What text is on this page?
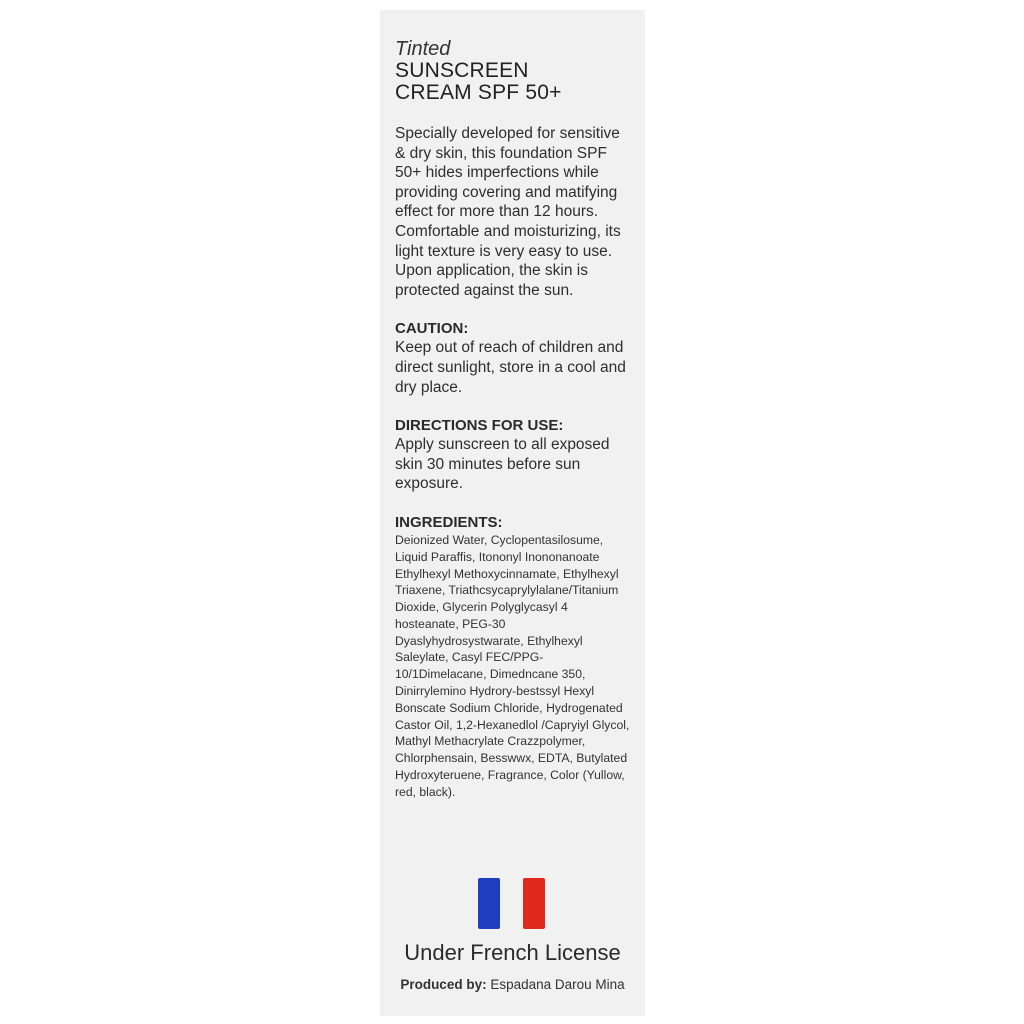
Tinted
SUNSCREEN
CREAM SPF 50+
Specially developed for sensitive & dry skin, this foundation SPF 50+ hides imperfections while providing covering and matifying effect for more than 12 hours. Comfortable and moisturizing, its light texture is very easy to use. Upon application, the skin is protected against the sun.
CAUTION:
Keep out of reach of children and direct sunlight, store in a cool and dry place.
DIRECTIONS FOR USE:
Apply sunscreen to all exposed skin 30 minutes before sun exposure.
INGREDIENTS:
Deionized Water, Cyclopentasilosume, Liquid Paraffis, Itononyl Inononanoate Ethylhexyl Methoxycinnamate, Ethylhexyl Triaxene, Triathcsycaprylylalane/Titanium Dioxide, Glycerin Polyglycasyl 4 hosteanate, PEG-30 Dyaslyhydrosystwarate, Ethylhexyl Saleylate, Casyl FEC/PPG-10/1Dimelacane, Dimedncane 350, Dinirrylemino Hydrory-bestssyl Hexyl Bonscate Sodium Chloride, Hydrogenated Castor Oil, 1,2-Hexanedlol /Capryiyl Glycol, Mathyl Methacrylate Crazzpolymer, Chlorphensain, Besswwx, EDTA, Butylated Hydroxyterue​ne, Fragrance, Color (Yullow, red, black).
Under French License
Produced by: Espadana Darou Mina
